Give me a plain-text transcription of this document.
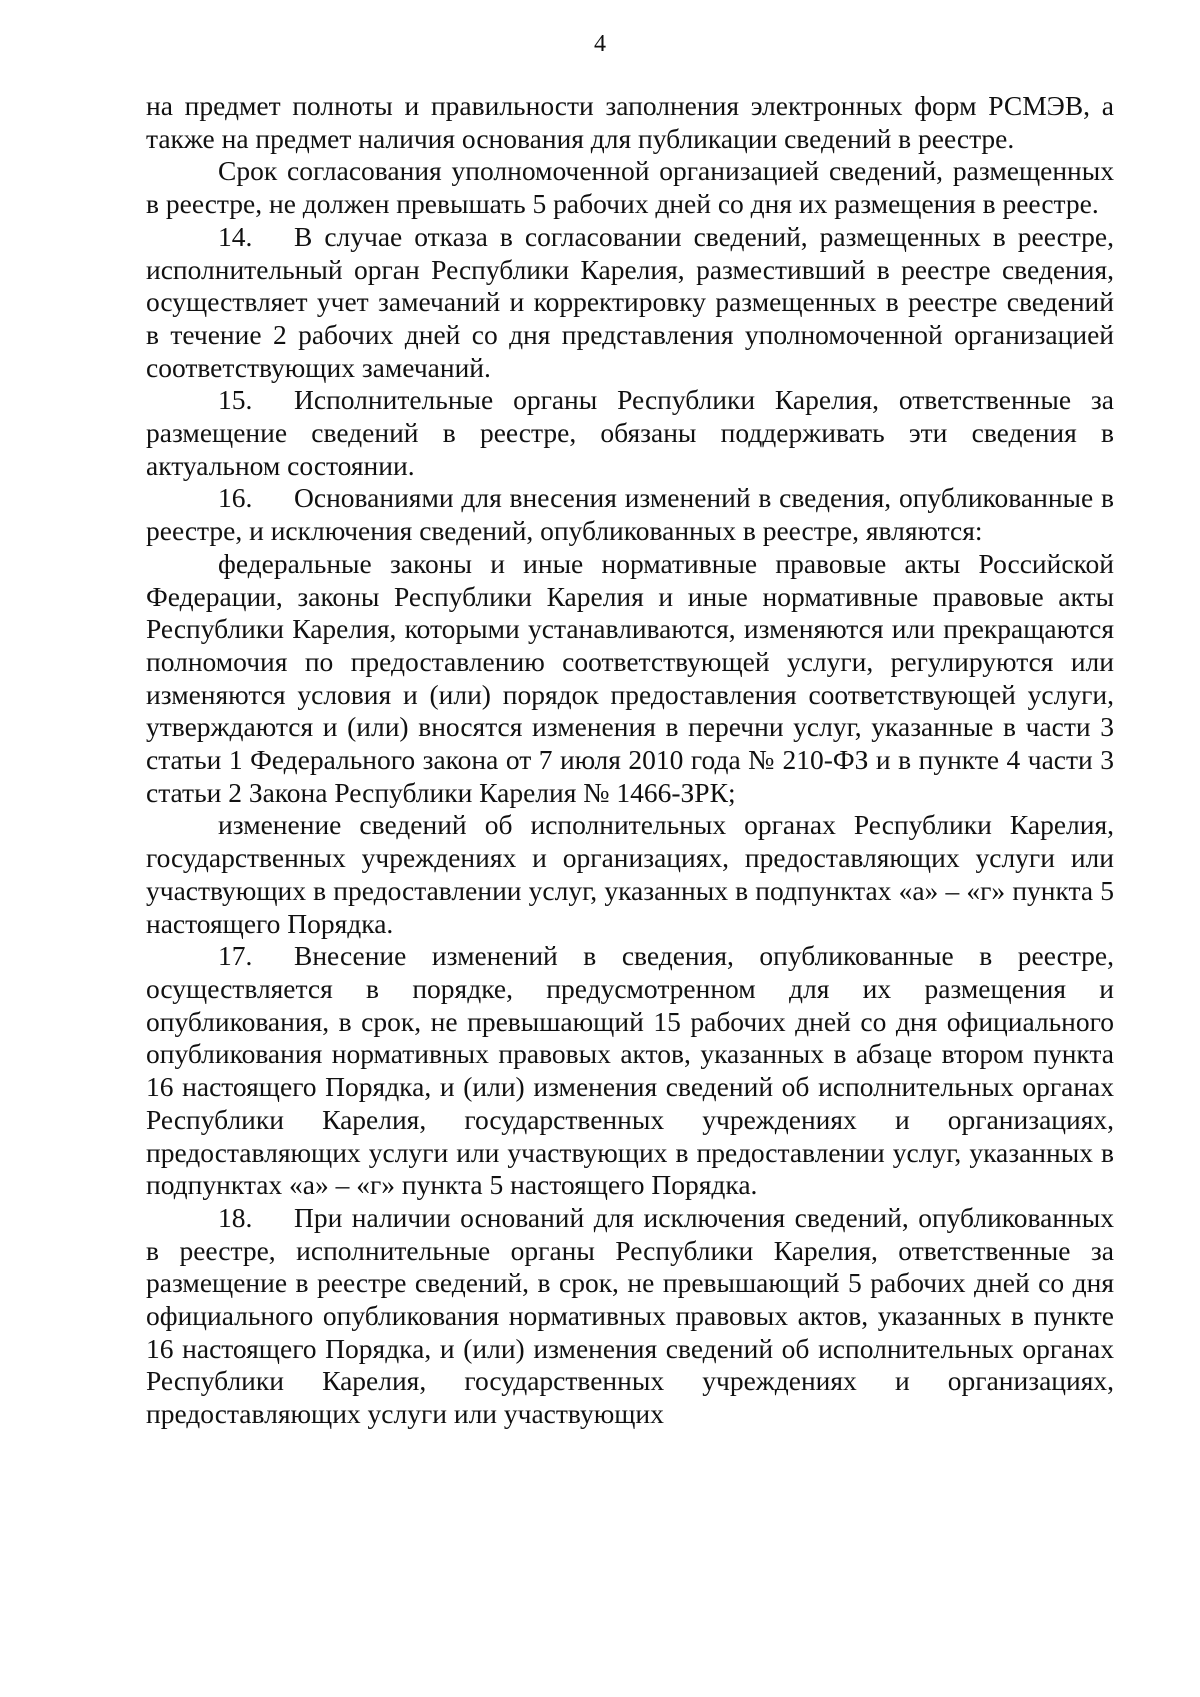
4

на предмет полноты и правильности заполнения электронных форм РСМЭВ, а также на предмет наличия основания для публикации сведений в реестре.

Срок согласования уполномоченной организацией сведений, размещенных в реестре, не должен превышать 5 рабочих дней со дня их размещения в реестре.

14. В случае отказа в согласовании сведений, размещенных в реестре, исполнительный орган Республики Карелия, разместивший в реестре сведения, осуществляет учет замечаний и корректировку размещенных в реестре сведений в течение 2 рабочих дней со дня представления уполномоченной организацией соответствующих замечаний.

15. Исполнительные органы Республики Карелия, ответственные за размещение сведений в реестре, обязаны поддерживать эти сведения в актуальном состоянии.

16. Основаниями для внесения изменений в сведения, опубликованные в реестре, и исключения сведений, опубликованных в реестре, являются:

федеральные законы и иные нормативные правовые акты Российской Федерации, законы Республики Карелия и иные нормативные правовые акты Республики Карелия, которыми устанавливаются, изменяются или прекращаются полномочия по предоставлению соответствующей услуги, регулируются или изменяются условия и (или) порядок предоставления соответствующей услуги, утверждаются и (или) вносятся изменения в перечни услуг, указанные в части 3 статьи 1 Федерального закона от 7 июля 2010 года № 210-ФЗ и в пункте 4 части 3 статьи 2 Закона Республики Карелия № 1466-ЗРК;

изменение сведений об исполнительных органах Республики Карелия, государственных учреждениях и организациях, предоставляющих услуги или участвующих в предоставлении услуг, указанных в подпунктах «а» – «г» пункта 5 настоящего Порядка.

17. Внесение изменений в сведения, опубликованные в реестре, осуществляется в порядке, предусмотренном для их размещения и опубликования, в срок, не превышающий 15 рабочих дней со дня официального опубликования нормативных правовых актов, указанных в абзаце втором пункта 16 настоящего Порядка, и (или) изменения сведений об исполнительных органах Республики Карелия, государственных учреждениях и организациях, предоставляющих услуги или участвующих в предоставлении услуг, указанных в подпунктах «а» – «г» пункта 5 настоящего Порядка.

18. При наличии оснований для исключения сведений, опубликованных в реестре, исполнительные органы Республики Карелия, ответственные за размещение в реестре сведений, в срок, не превышающий 5 рабочих дней со дня официального опубликования нормативных правовых актов, указанных в пункте 16 настоящего Порядка, и (или) изменения сведений об исполнительных органах Республики Карелия, государственных учреждениях и организациях, предоставляющих услуги или участвующих
